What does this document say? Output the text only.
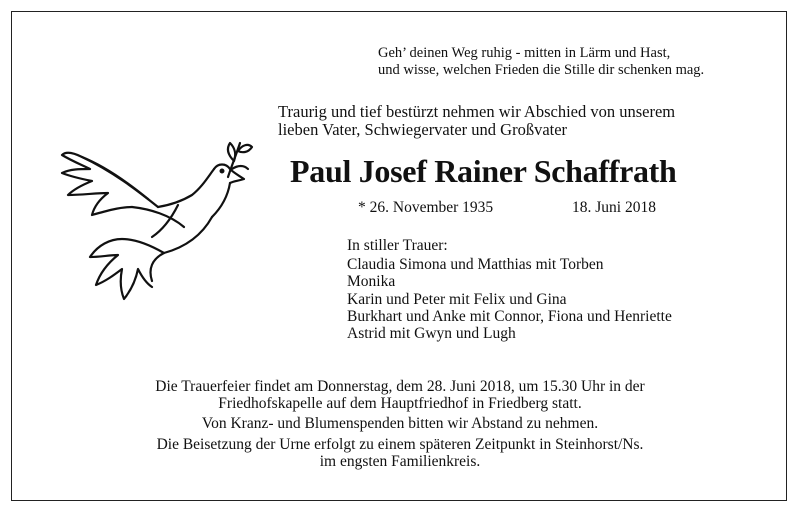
Geh’ deinen Weg ruhig - mitten in Lärm und Hast,
und wisse, welchen Frieden die Stille dir schenken mag.
Traurig und tief bestürzt nehmen wir Abschied von unserem
lieben Vater, Schwiegervater und Großvater
Paul Josef Rainer Schaffrath
* 26. November 1935	18. Juni 2018
In stiller Trauer:
Claudia Simona und Matthias mit Torben
Monika
Karin und Peter mit Felix und Gina
Burkhart und Anke mit Connor, Fiona und Henriette
Astrid mit Gwyn und Lugh
Die Trauerfeier findet am Donnerstag, dem 28. Juni 2018, um 15.30 Uhr in der
Friedhofskapelle auf dem Hauptfriedhof in Friedberg statt.
Von Kranz- und Blumenspenden bitten wir Abstand zu nehmen.
Die Beisetzung der Urne erfolgt zu einem späteren Zeitpunkt in Steinhorst/Ns.
im engsten Familienkreis.
